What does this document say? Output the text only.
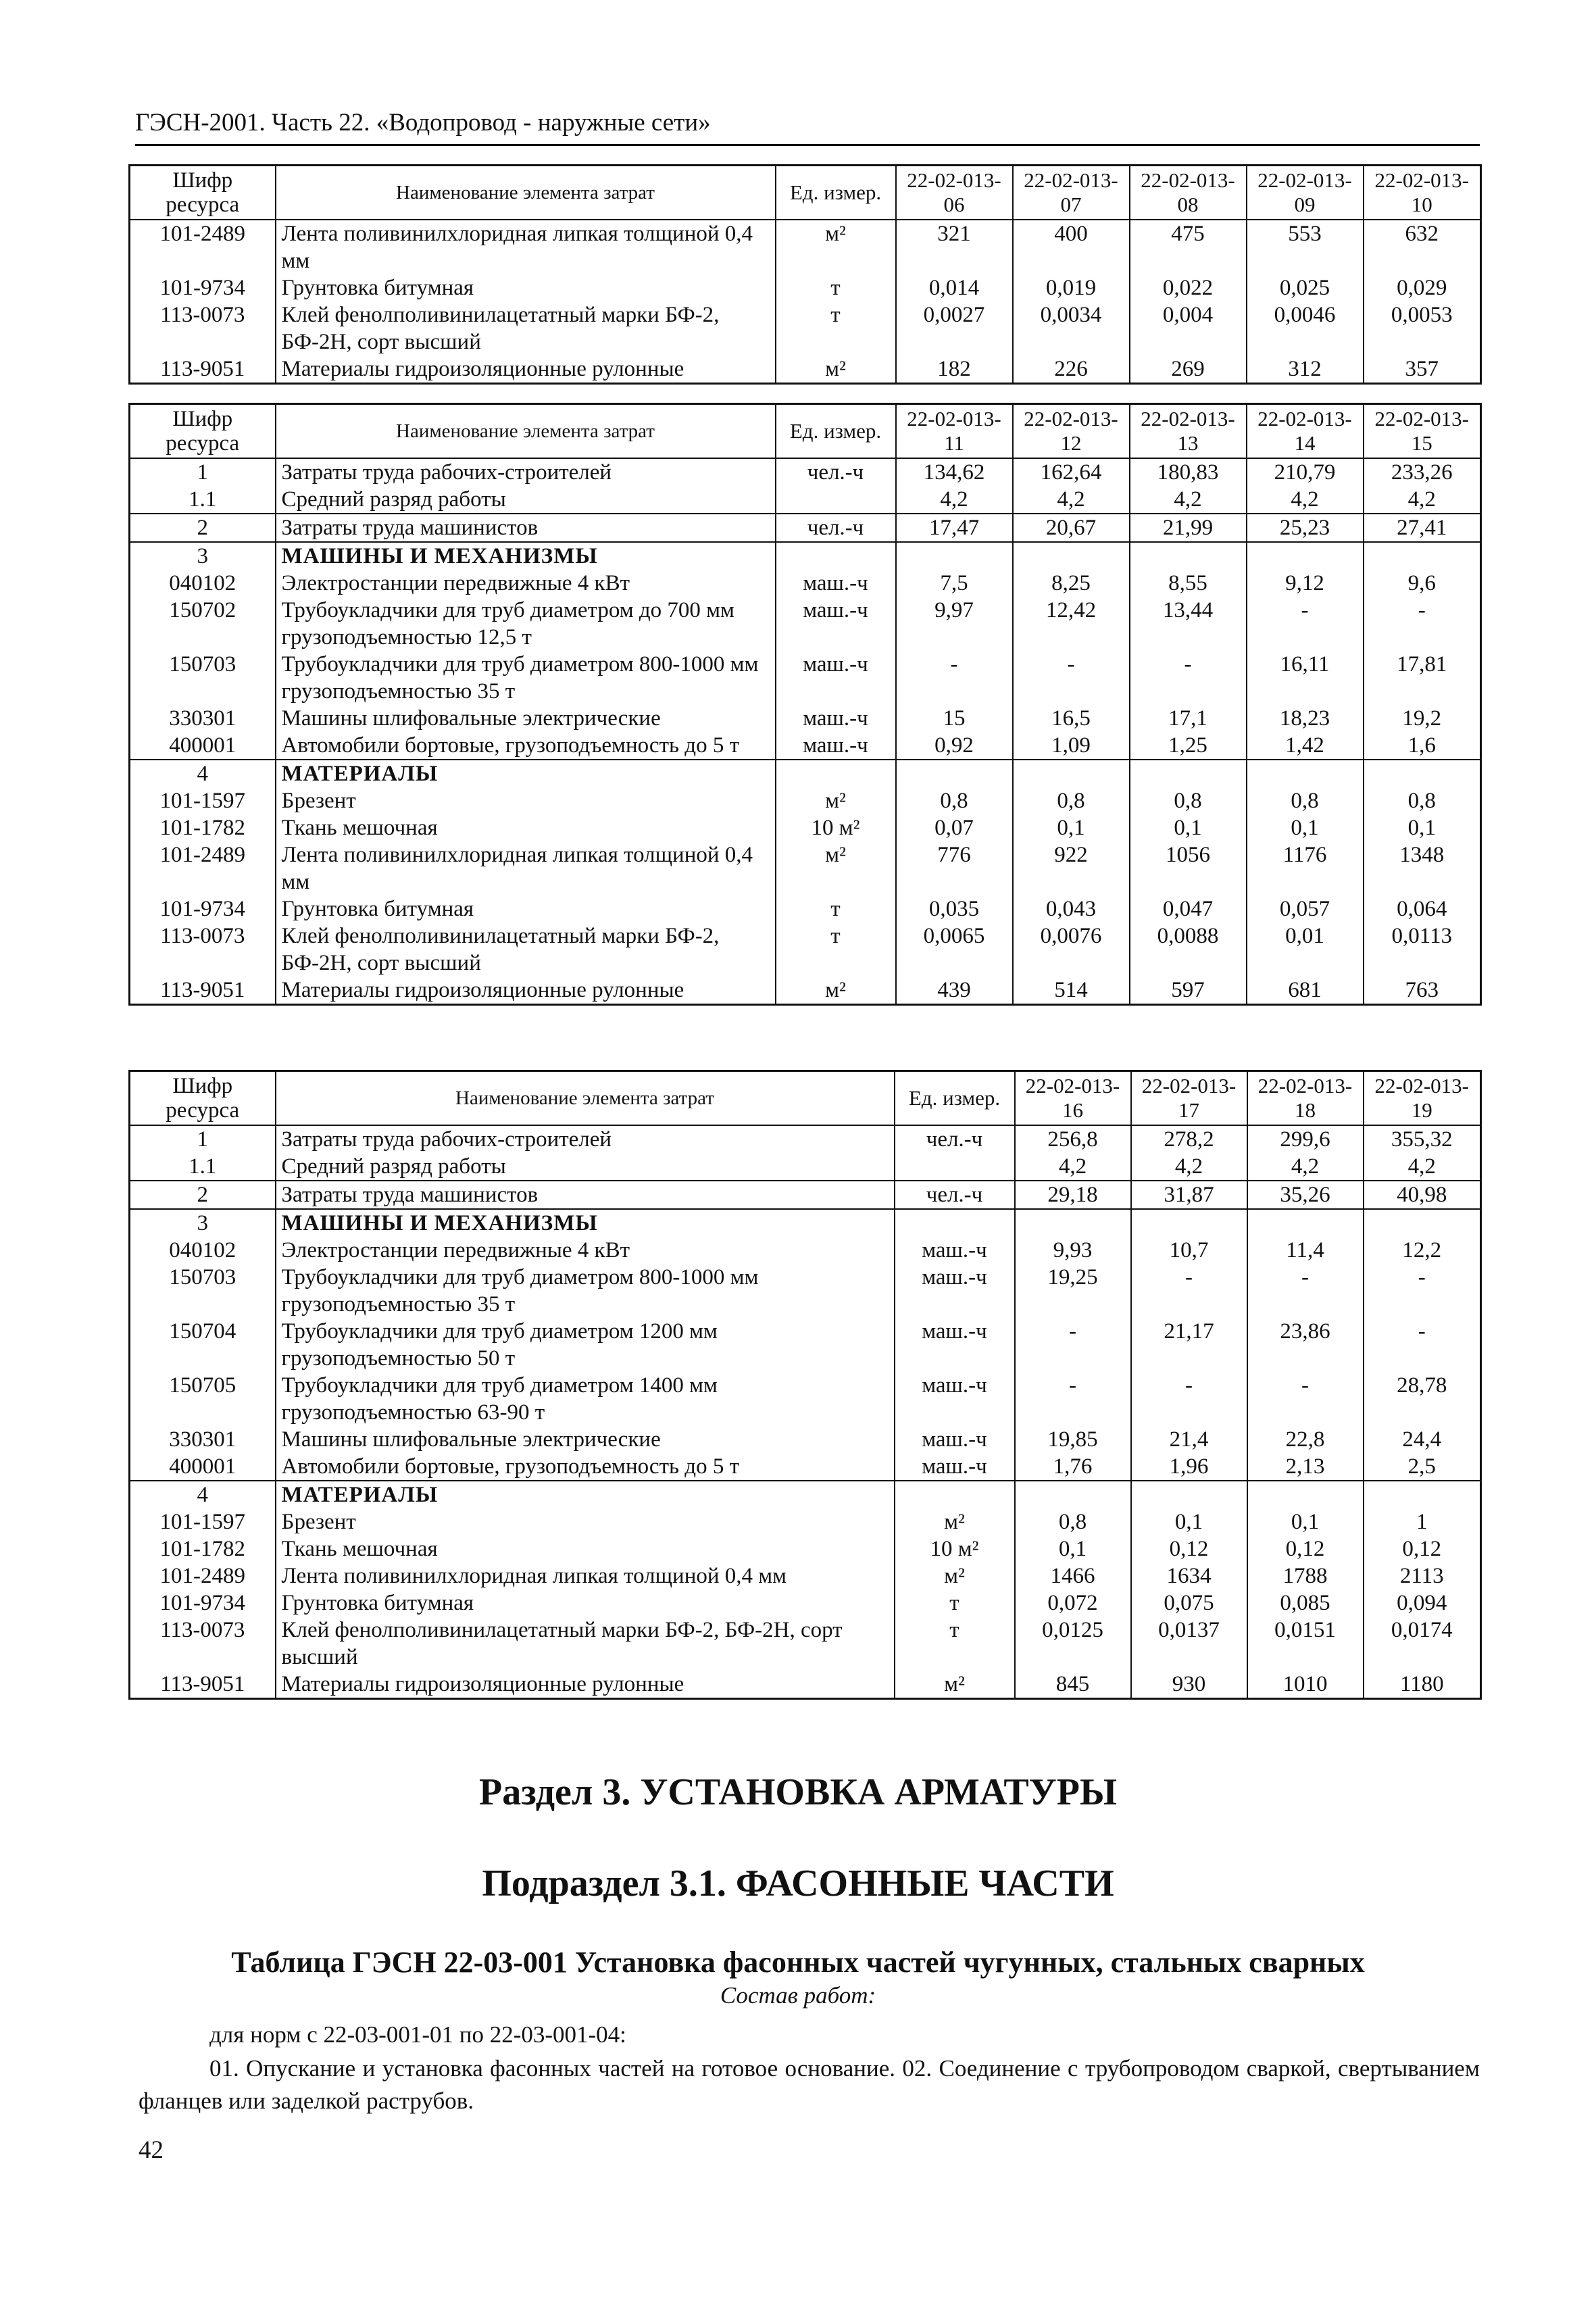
ГЭСН-2001. Часть 22. «Водопровод - наружные сети»
Шифр ресурса	Наименование элемента затрат	Ед. измер.	22-02-013-06	22-02-013-07	22-02-013-08	22-02-013-09	22-02-013-10
101-2489	Лента поливинилхлоридная липкая толщиной 0,4 мм	м²	321	400	475	553	632
101-9734	Грунтовка битумная	т	0,014	0,019	0,022	0,025	0,029
113-0073	Клей фенолполивинилацетатный марки БФ-2, БФ-2Н, сорт высший	т	0,0027	0,0034	0,004	0,0046	0,0053
113-9051	Материалы гидроизоляционные рулонные	м²	182	226	269	312	357
Шифр ресурса	Наименование элемента затрат	Ед. измер.	22-02-013-11	22-02-013-12	22-02-013-13	22-02-013-14	22-02-013-15
1	Затраты труда рабочих-строителей	чел.-ч	134,62	162,64	180,83	210,79	233,26
1.1	Средний разряд работы		4,2	4,2	4,2	4,2	4,2
2	Затраты труда машинистов	чел.-ч	17,47	20,67	21,99	25,23	27,41
3	МАШИНЫ И МЕХАНИЗМЫ						
040102	Электростанции передвижные 4 кВт	маш.-ч	7,5	8,25	8,55	9,12	9,6
150702	Трубоукладчики для труб диаметром до 700 мм грузоподъемностью 12,5 т	маш.-ч	9,97	12,42	13,44	-	-
150703	Трубоукладчики для труб диаметром 800-1000 мм грузоподъемностью 35 т	маш.-ч	-	-	-	16,11	17,81
330301	Машины шлифовальные электрические	маш.-ч	15	16,5	17,1	18,23	19,2
400001	Автомобили бортовые, грузоподъемность до 5 т	маш.-ч	0,92	1,09	1,25	1,42	1,6
4	МАТЕРИАЛЫ						
101-1597	Брезент	м²	0,8	0,8	0,8	0,8	0,8
101-1782	Ткань мешочная	10 м²	0,07	0,1	0,1	0,1	0,1
101-2489	Лента поливинилхлоридная липкая толщиной 0,4 мм	м²	776	922	1056	1176	1348
101-9734	Грунтовка битумная	т	0,035	0,043	0,047	0,057	0,064
113-0073	Клей фенолполивинилацетатный марки БФ-2, БФ-2Н, сорт высший	т	0,0065	0,0076	0,0088	0,01	0,0113
113-9051	Материалы гидроизоляционные рулонные	м²	439	514	597	681	763
Шифр ресурса	Наименование элемента затрат	Ед. измер.	22-02-013-16	22-02-013-17	22-02-013-18	22-02-013-19
1	Затраты труда рабочих-строителей	чел.-ч	256,8	278,2	299,6	355,32
1.1	Средний разряд работы		4,2	4,2	4,2	4,2
2	Затраты труда машинистов	чел.-ч	29,18	31,87	35,26	40,98
3	МАШИНЫ И МЕХАНИЗМЫ					
040102	Электростанции передвижные 4 кВт	маш.-ч	9,93	10,7	11,4	12,2
150703	Трубоукладчики для труб диаметром 800-1000 мм грузоподъемностью 35 т	маш.-ч	19,25	-	-	-
150704	Трубоукладчики для труб диаметром 1200 мм грузоподъемностью 50 т	маш.-ч	-	21,17	23,86	-
150705	Трубоукладчики для труб диаметром 1400 мм грузоподъемностью 63-90 т	маш.-ч	-	-	-	28,78
330301	Машины шлифовальные электрические	маш.-ч	19,85	21,4	22,8	24,4
400001	Автомобили бортовые, грузоподъемность до 5 т	маш.-ч	1,76	1,96	2,13	2,5
4	МАТЕРИАЛЫ					
101-1597	Брезент	м²	0,8	0,1	0,1	1
101-1782	Ткань мешочная	10 м²	0,1	0,12	0,12	0,12
101-2489	Лента поливинилхлоридная липкая толщиной 0,4 мм	м²	1466	1634	1788	2113
101-9734	Грунтовка битумная	т	0,072	0,075	0,085	0,094
113-0073	Клей фенолполивинилацетатный марки БФ-2, БФ-2Н, сорт высший	т	0,0125	0,0137	0,0151	0,0174
113-9051	Материалы гидроизоляционные рулонные	м²	845	930	1010	1180
Раздел 3. УСТАНОВКА АРМАТУРЫ
Подраздел 3.1. ФАСОННЫЕ ЧАСТИ
Таблица ГЭСН 22-03-001 Установка фасонных частей чугунных, стальных сварных
Состав работ:
для норм с 22-03-001-01 по 22-03-001-04:
01. Опускание и установка фасонных частей на готовое основание. 02. Соединение с трубопроводом сваркой, свертыванием фланцев или заделкой раструбов.
42
